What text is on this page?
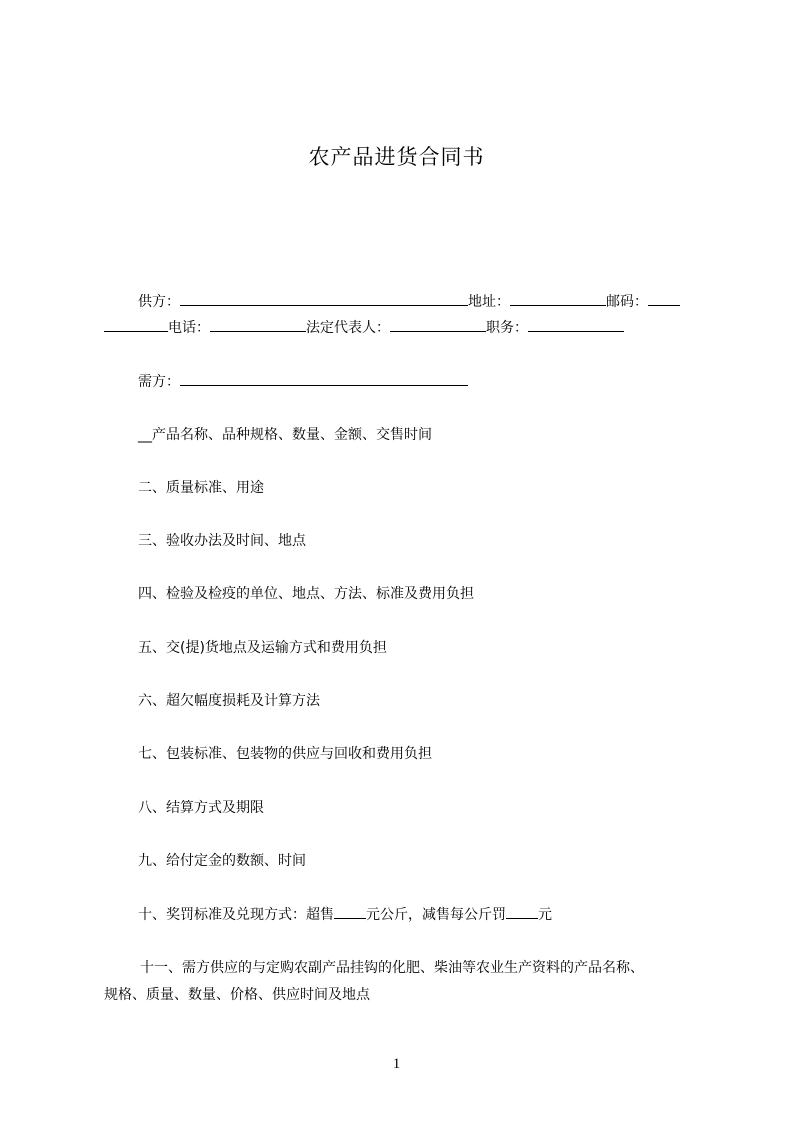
农产品进货合同书
供方：	地址：	邮码：
电话：	法定代表人：	职务：
需方：
__产品名称、品种规格、数量、金额、交售时间
二、质量标准、用途
三、验收办法及时间、地点
四、检验及检疫的单位、地点、方法、标准及费用负担
五、交(提)货地点及运输方式和费用负担
六、超欠幅度损耗及计算方法
七、包装标准、包装物的供应与回收和费用负担
八、结算方式及期限
九、给付定金的数额、时间
十、奖罚标准及兑现方式：超售 元公斤，减售每公斤罚 元
十一、需方供应的与定购农副产品挂钩的化肥、柴油等农业生产资料的产品名称、
规格、质量、数量、价格、供应时间及地点
1
